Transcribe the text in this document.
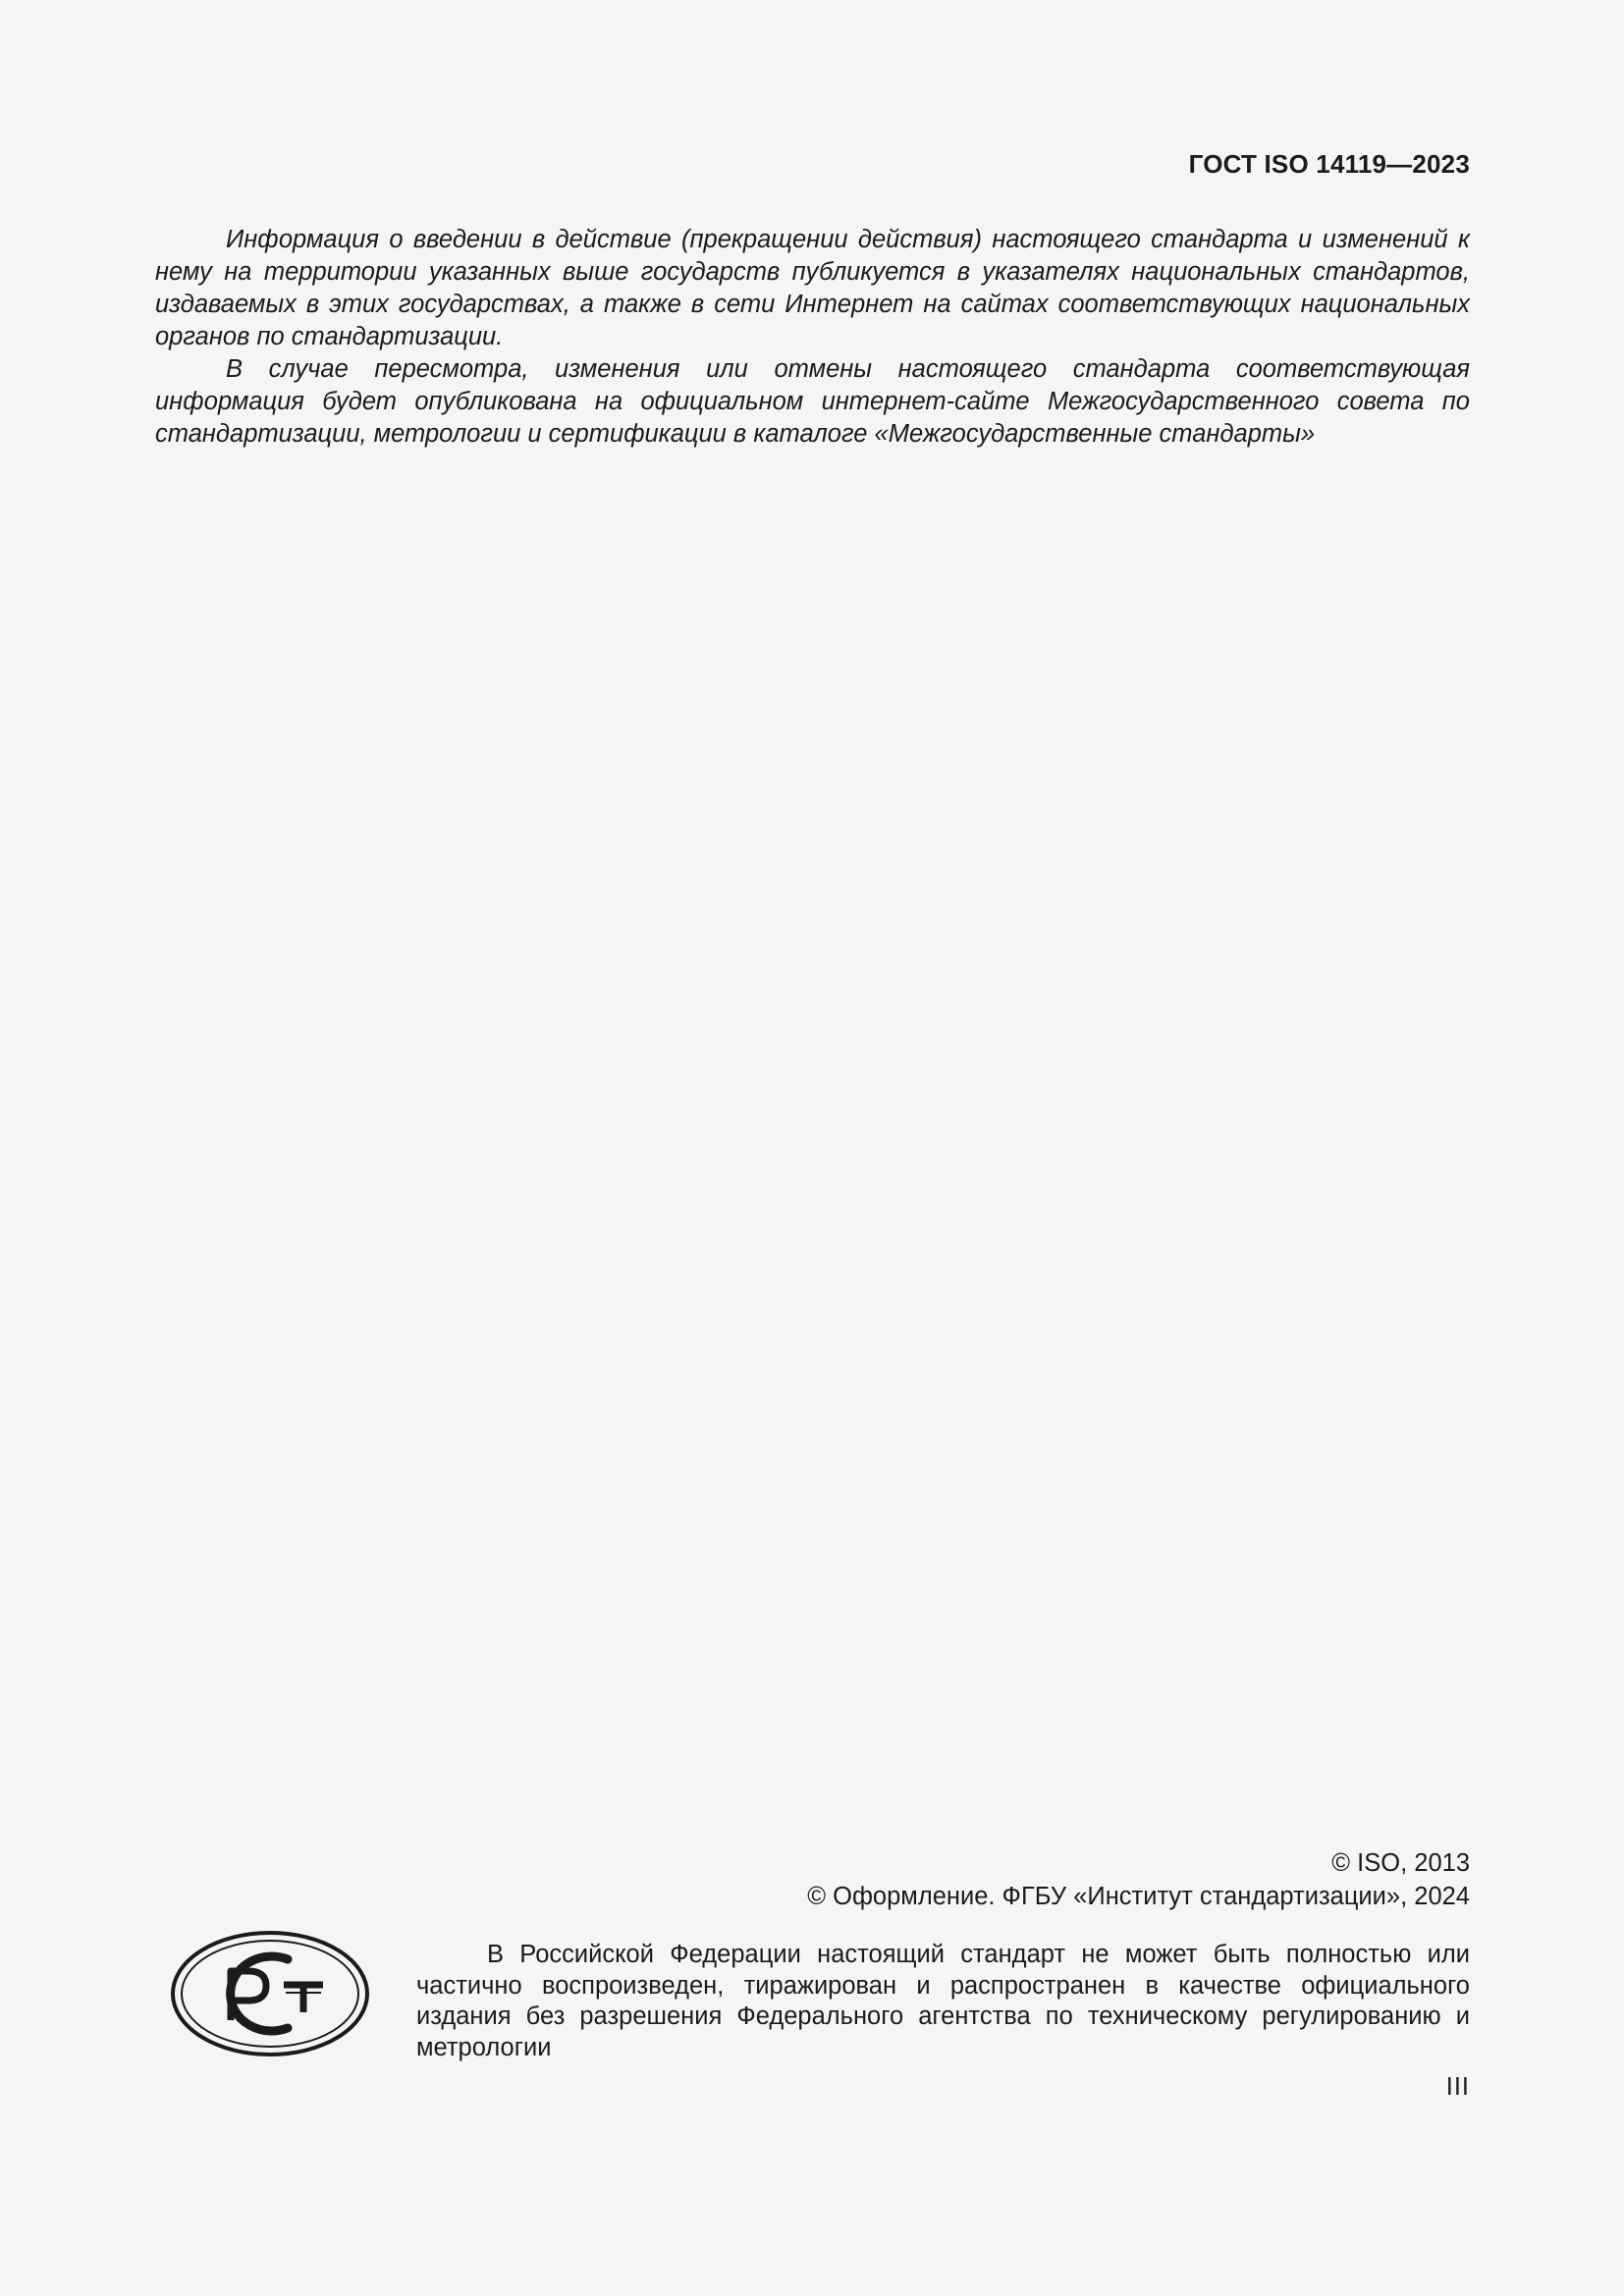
ГОСТ ISO 14119—2023

Информация о введении в действие (прекращении действия) настоящего стандарта и изменений к нему на территории указанных выше государств публикуется в указателях национальных стандартов, издаваемых в этих государствах, а также в сети Интернет на сайтах соответствующих национальных органов по стандартизации.

В случае пересмотра, изменения или отмены настоящего стандарта соответствующая информация будет опубликована на официальном интернет-сайте Межгосударственного совета по стандартизации, метрологии и сертификации в каталоге «Межгосударственные стандарты»

© ISO, 2013
© Оформление. ФГБУ «Институт стандартизации», 2024

В Российской Федерации настоящий стандарт не может быть полностью или частично воспроизведен, тиражирован и распространен в качестве официального издания без разрешения Федерального агентства по техническому регулированию и метрологии

III
